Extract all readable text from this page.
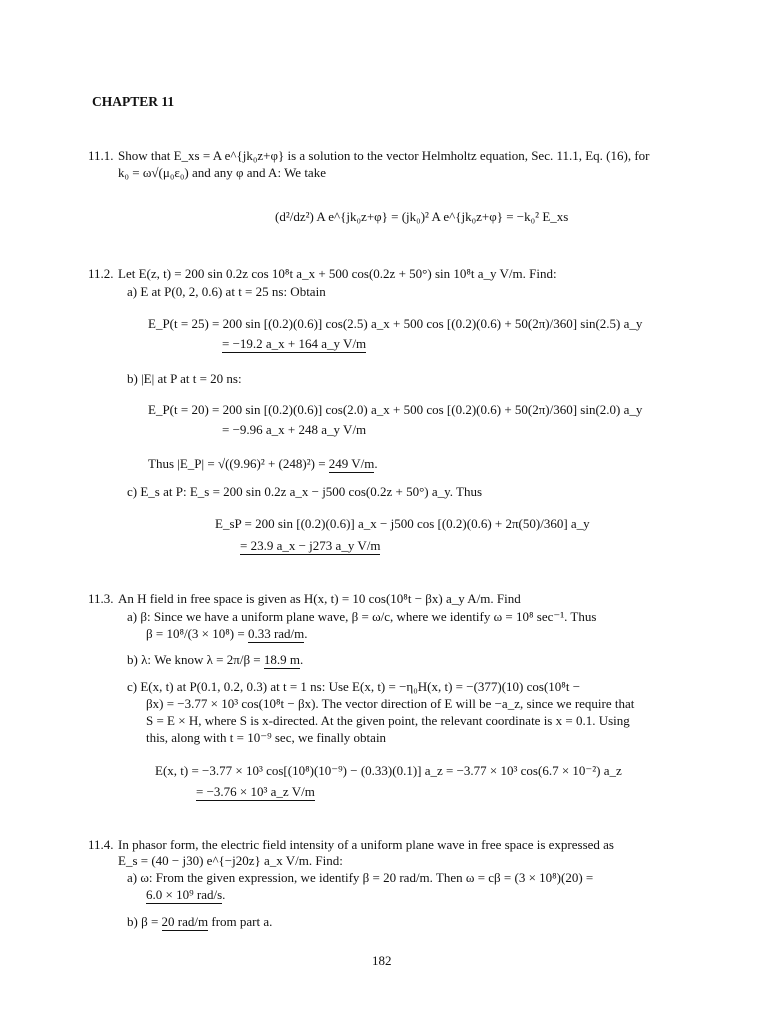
CHAPTER 11
11.1. Show that E_xs = A e^{jk₀z+φ} is a solution to the vector Helmholtz equation, Sec. 11.1, Eq. (16), for
k₀ = ω√(μ₀ε₀) and any φ and A: We take
(d²/dz²) A e^{jk₀z+φ} = (jk₀)² A e^{jk₀z+φ} = −k₀² E_xs
11.2. Let E(z, t) = 200 sin 0.2z cos 10⁸t a_x + 500 cos(0.2z + 50°) sin 10⁸t a_y V/m. Find:
a) E at P(0, 2, 0.6) at t = 25 ns: Obtain
E_P(t = 25) = 200 sin [(0.2)(0.6)] cos(2.5) a_x + 500 cos [(0.2)(0.6) + 50(2π)/360] sin(2.5) a_y
= −19.2 a_x + 164 a_y V/m
b) |E| at P at t = 20 ns:
E_P(t = 20) = 200 sin [(0.2)(0.6)] cos(2.0) a_x + 500 cos [(0.2)(0.6) + 50(2π)/360] sin(2.0) a_y
= −9.96 a_x + 248 a_y V/m
Thus |E_P| = √((9.96)² + (248)²) = 249 V/m.
c) E_s at P: E_s = 200 sin 0.2z a_x − j500 cos(0.2z + 50°) a_y. Thus
E_sP = 200 sin [(0.2)(0.6)] a_x − j500 cos [(0.2)(0.6) + 2π(50)/360] a_y
= 23.9 a_x − j273 a_y V/m
11.3. An H field in free space is given as H(x, t) = 10 cos(10⁸t − βx) a_y A/m. Find
a) β: Since we have a uniform plane wave, β = ω/c, where we identify ω = 10⁸ sec⁻¹. Thus
β = 10⁸/(3 × 10⁸) = 0.33 rad/m.
b) λ: We know λ = 2π/β = 18.9 m.
c) E(x, t) at P(0.1, 0.2, 0.3) at t = 1 ns: Use E(x, t) = −η₀H(x, t) = −(377)(10) cos(10⁸t −
βx) = −3.77 × 10³ cos(10⁸t − βx). The vector direction of E will be −a_z, since we require that
S = E × H, where S is x-directed. At the given point, the relevant coordinate is x = 0.1. Using
this, along with t = 10⁻⁹ sec, we finally obtain
E(x, t) = −3.77 × 10³ cos[(10⁸)(10⁻⁹) − (0.33)(0.1)] a_z = −3.77 × 10³ cos(6.7 × 10⁻²) a_z
= −3.76 × 10³ a_z V/m
11.4. In phasor form, the electric field intensity of a uniform plane wave in free space is expressed as
E_s = (40 − j30) e^{−j20z} a_x V/m. Find:
a) ω: From the given expression, we identify β = 20 rad/m. Then ω = cβ = (3 × 10⁸)(20) =
6.0 × 10⁹ rad/s.
b) β = 20 rad/m from part a.
182
